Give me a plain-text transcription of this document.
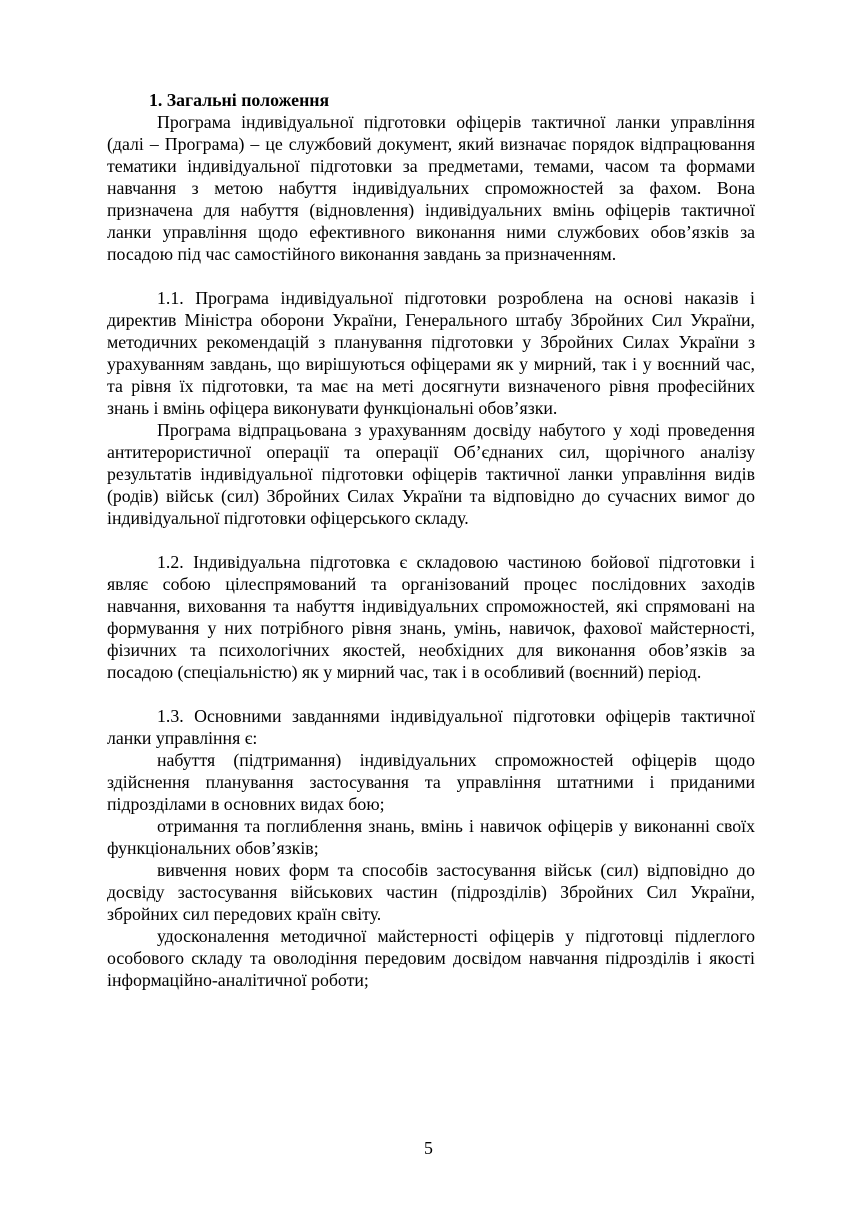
1. Загальні положення

Програма індивідуальної підготовки офіцерів тактичної ланки управління (далі – Програма) – це службовий документ, який визначає порядок відпрацювання тематики індивідуальної підготовки за предметами, темами, часом та формами навчання з метою набуття індивідуальних спроможностей за фахом. Вона призначена для набуття (відновлення) індивідуальних вмінь офіцерів тактичної ланки управління щодо ефективного виконання ними службових обов’язків за посадою під час самостійного виконання завдань за призначенням.

1.1. Програма індивідуальної підготовки розроблена на основі наказів і директив Міністра оборони України, Генерального штабу Збройних Сил України, методичних рекомендацій з планування підготовки у Збройних Силах України з урахуванням завдань, що вирішуються офіцерами як у мирний, так і у воєнний час, та рівня їх підготовки, та має на меті досягнути визначеного рівня професійних знань і вмінь офіцера виконувати функціональні обов’язки.

Програма відпрацьована з урахуванням досвіду набутого у ході проведення антитерористичної операції та операції Об’єднаних сил, щорічного аналізу результатів індивідуальної підготовки офіцерів тактичної ланки управління видів (родів) військ (сил) Збройних Силах України та відповідно до сучасних вимог до індивідуальної підготовки офіцерського складу.

1.2. Індивідуальна підготовка є складовою частиною бойової підготовки і являє собою цілеспрямований та організований процес послідовних заходів навчання, виховання та набуття індивідуальних спроможностей, які спрямовані на формування у них потрібного рівня знань, умінь, навичок, фахової майстерності, фізичних та психологічних якостей, необхідних для виконання обов’язків за посадою (спеціальністю) як у мирний час, так і в особливий (воєнний) період.

1.3. Основними завданнями індивідуальної підготовки офіцерів тактичної ланки управління є:

набуття (підтримання) індивідуальних спроможностей офіцерів щодо здійснення планування застосування та управління штатними і приданими підрозділами в основних видах бою;

отримання та поглиблення знань, вмінь і навичок офіцерів у виконанні своїх функціональних обов’язків;

вивчення нових форм та способів застосування військ (сил) відповідно до досвіду застосування військових частин (підрозділів) Збройних Сил України, збройних сил передових країн світу.

удосконалення методичної майстерності офіцерів у підготовці підлеглого особового складу та оволодіння передовим досвідом навчання підрозділів і якості інформаційно-аналітичної роботи;

5
